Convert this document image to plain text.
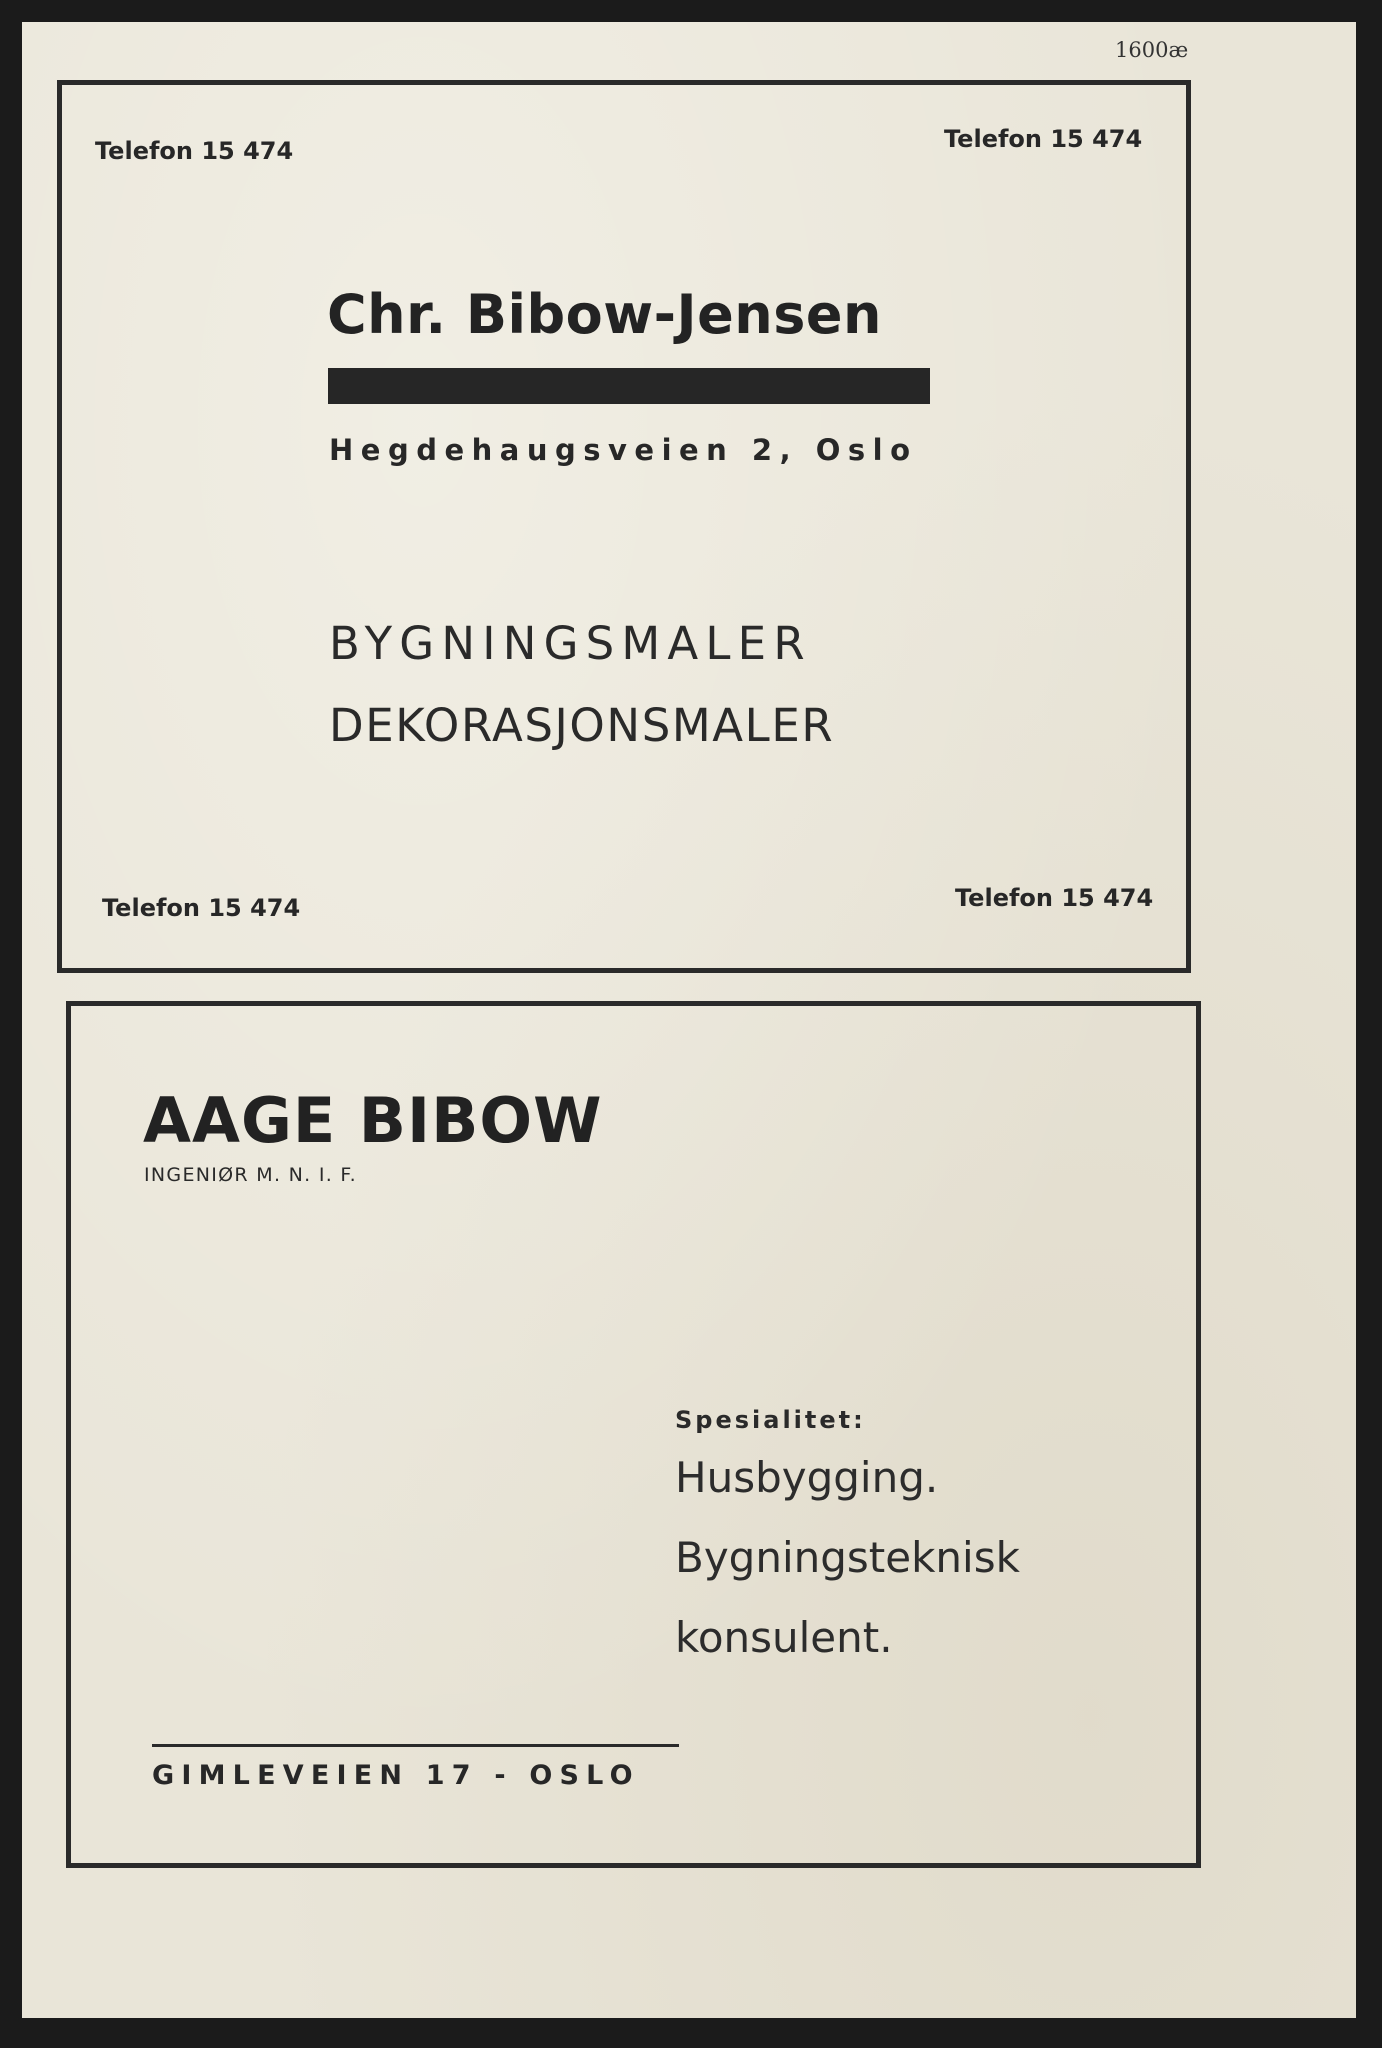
1600æ
Telefon 15 474	Telefon 15 474
Chr. Bibow-Jensen
Hegdehaugsveien 2, Oslo
BYGNINGSMALER
DEKORASJONSMALER
Telefon 15 474	Telefon 15 474
AAGE BIBOW
INGENIØR M. N. I. F.
Spesialitet:
Husbygging.
Bygningsteknisk
konsulent.
GIMLEVEIEN 17 - OSLO
